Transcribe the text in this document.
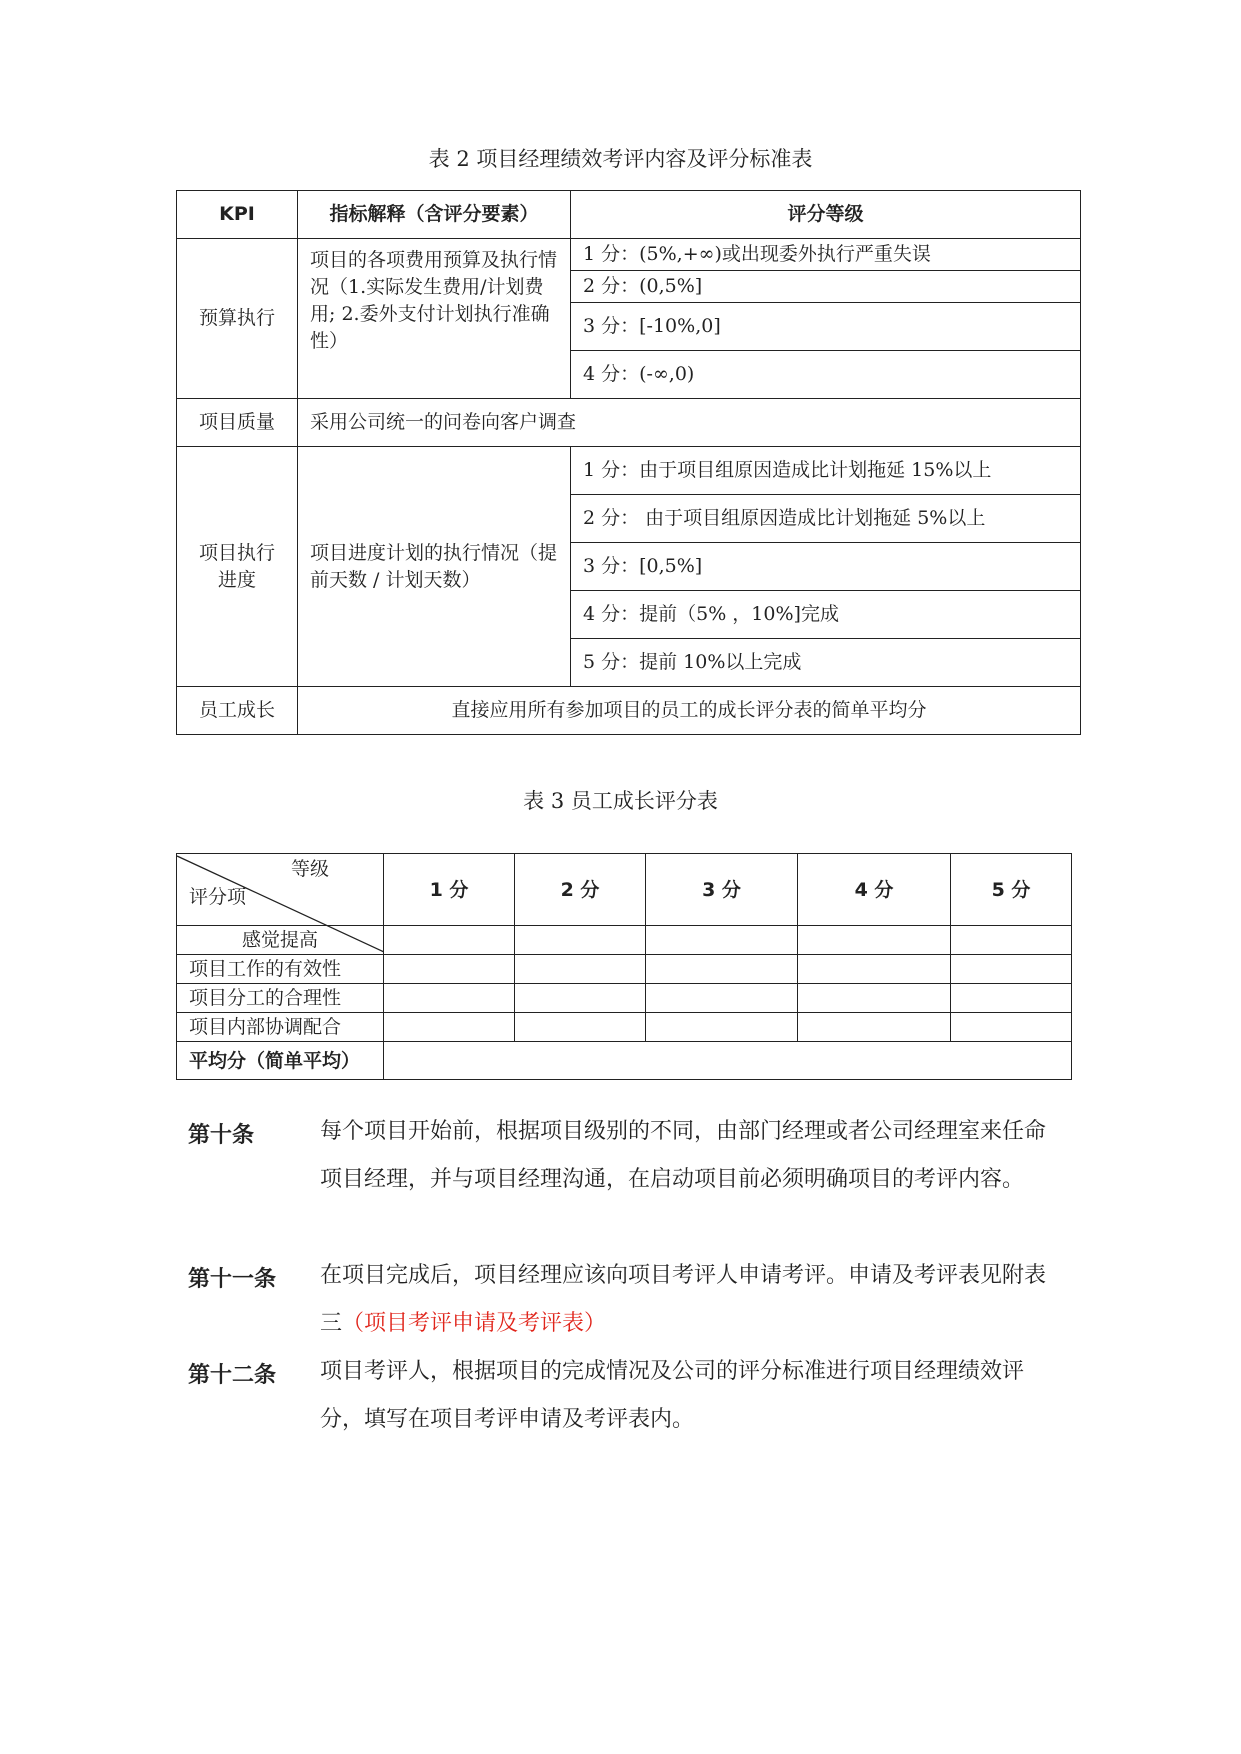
表 2 项目经理绩效考评内容及评分标准表
KPI	指标解释（含评分要素）	评分等级
预算执行	项目的各项费用预算及执行情况（1.实际发生费用/计划费用; 2.委外支付计划执行准确性）	1 分：(5%,+∞)或出现委外执行严重失误
		2 分：(0,5%]
		3 分：[-10%,0]
		4 分：(-∞,0)
项目质量	采用公司统一的问卷向客户调查	
项目执行进度	项目进度计划的执行情况（提前天数 / 计划天数）	1 分：由于项目组原因造成比计划拖延 15%以上
		2 分： 由于项目组原因造成比计划拖延 5%以上
		3 分：[0,5%]
		4 分：提前（5% ，10%]完成
		5 分：提前 10%以上完成
员工成长	直接应用所有参加项目的员工的成长评分表的简单平均分	
表 3 员工成长评分表
等级
评分项	1 分	2 分	3 分	4 分	5 分

感觉提高					
项目工作的有效性					
项目分工的合理性					
项目内部协调配合					
平均分（简单平均）					
第十条	每个项目开始前，根据项目级别的不同，由部门经理或者公司经理室来任命项目经理，并与项目经理沟通，在启动项目前必须明确项目的考评内容。
第十一条 在项目完成后，项目经理应该向项目考评人申请考评。申请及考评表见附表三（项目考评申请及考评表）
第十二条 项目考评人，根据项目的完成情况及公司的评分标准进行项目经理绩效评分，填写在项目考评申请及考评表内。
